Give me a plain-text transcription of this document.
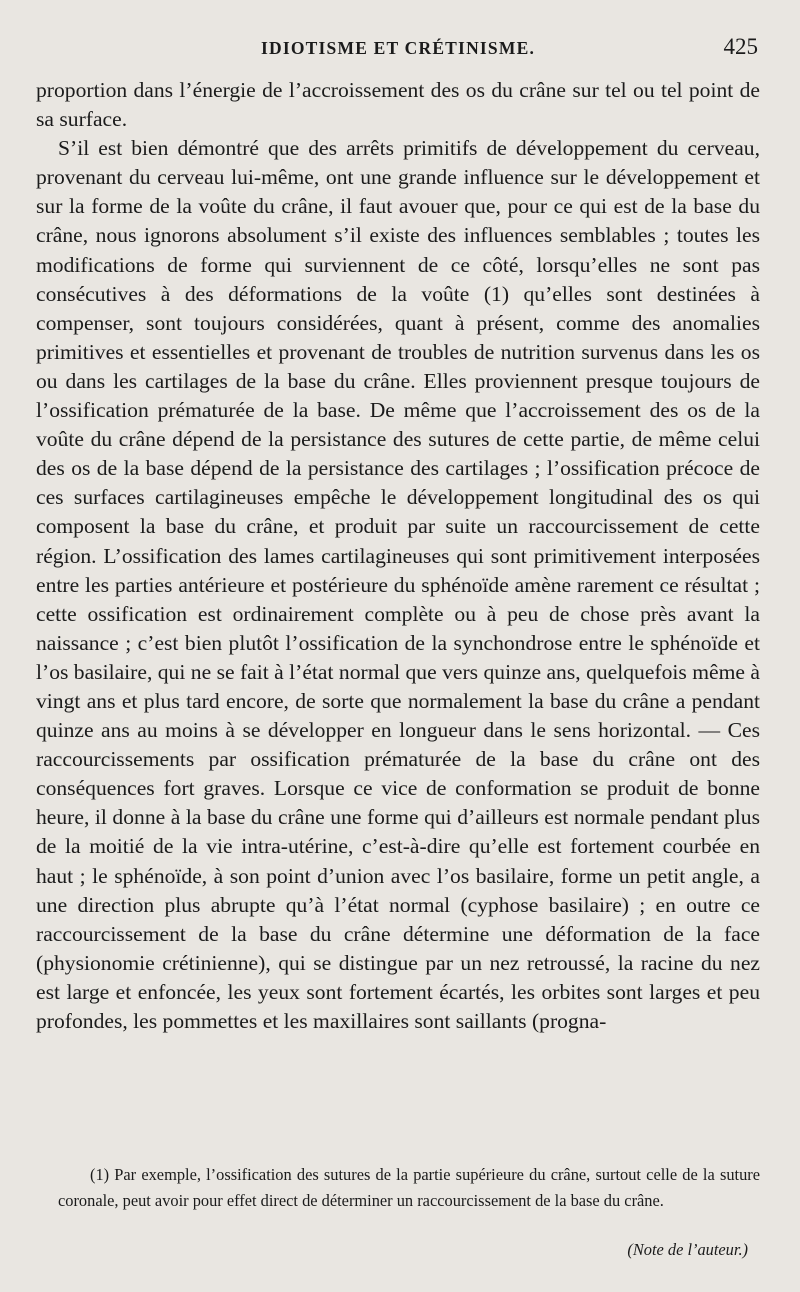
IDIOTISME ET CRÉTINISME.	425

proportion dans l’énergie de l’accroissement des os du crâne sur tel ou tel point de sa surface.

S’il est bien démontré que des arrêts primitifs de développement du cerveau, provenant du cerveau lui-même, ont une grande influence sur le développement et sur la forme de la voûte du crâne, il faut avouer que, pour ce qui est de la base du crâne, nous ignorons absolument s’il existe des influences semblables ; toutes les modifications de forme qui surviennent de ce côté, lorsqu’elles ne sont pas consécutives à des déformations de la voûte (1) qu’elles sont destinées à compenser, sont toujours considérées, quant à présent, comme des anomalies primitives et essentielles et provenant de troubles de nutrition survenus dans les os ou dans les cartilages de la base du crâne. Elles proviennent presque toujours de l’ossification prématurée de la base. De même que l’accroissement des os de la voûte du crâne dépend de la persistance des sutures de cette partie, de même celui des os de la base dépend de la persistance des cartilages ; l’ossification précoce de ces surfaces cartilagineuses empêche le développement longitudinal des os qui composent la base du crâne, et produit par suite un raccourcissement de cette région. L’ossification des lames cartilagineuses qui sont primitivement interposées entre les parties antérieure et postérieure du sphénoïde amène rarement ce résultat ; cette ossification est ordinairement complète ou à peu de chose près avant la naissance ; c’est bien plutôt l’ossification de la synchondrose entre le sphénoïde et l’os basilaire, qui ne se fait à l’état normal que vers quinze ans, quelquefois même à vingt ans et plus tard encore, de sorte que normalement la base du crâne a pendant quinze ans au moins à se développer en longueur dans le sens horizontal. — Ces raccourcissements par ossification prématurée de la base du crâne ont des conséquences fort graves. Lorsque ce vice de conformation se produit de bonne heure, il donne à la base du crâne une forme qui d’ailleurs est normale pendant plus de la moitié de la vie intra-utérine, c’est-à-dire qu’elle est fortement courbée en haut ; le sphénoïde, à son point d’union avec l’os basilaire, forme un petit angle, a une direction plus abrupte qu’à l’état normal (cyphose basilaire) ; en outre ce raccourcissement de la base du crâne détermine une déformation de la face (physionomie crétinienne), qui se distingue par un nez retroussé, la racine du nez est large et enfoncée, les yeux sont fortement écartés, les orbites sont larges et peu profondes, les pommettes et les maxillaires sont saillants (progna-

(1) Par exemple, l’ossification des sutures de la partie supérieure du crâne, surtout celle de la suture coronale, peut avoir pour effet direct de déterminer un raccourcissement de la base du crâne.

(Note de l’auteur.)
